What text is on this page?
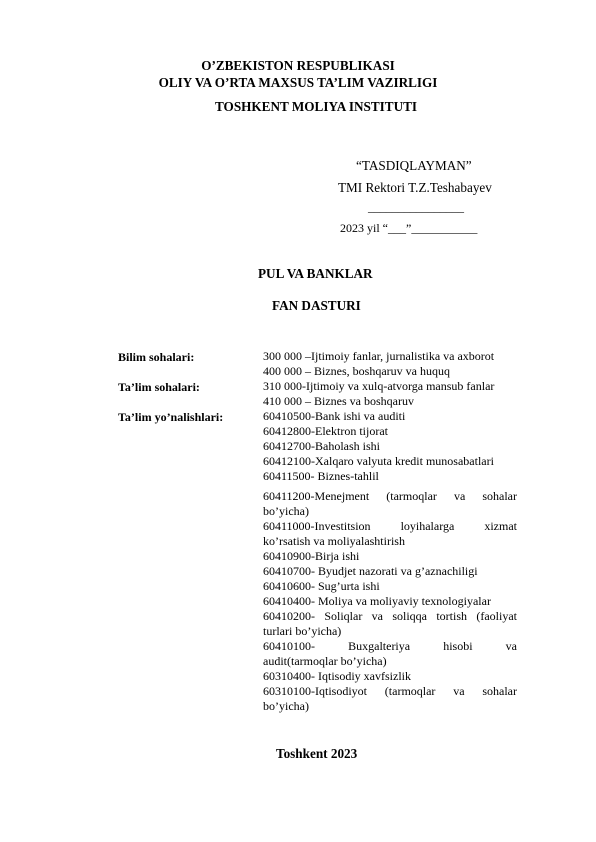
O’ZBEKISTON RESPUBLIKASI
OLIY VA O’RTA MAXSUS TA’LIM VAZIRLIGI
TOSHKENT MOLIYA INSTITUTI
“TASDIQLAYMAN”
TMI Rektori T.Z.Teshabayev
________________
2023 yil “___”___________
PUL VA BANKLAR
FAN DASTURI
Bilim sohalari:	300 000 –Ijtimoiy fanlar, jurnalistika va axborot
400 000 – Biznes, boshqaruv va huquq
Ta’lim sohalari:	310 000-Ijtimoiy va xulq-atvorga mansub fanlar
410 000 – Biznes va boshqaruv
Ta’lim yo’nalishlari:	60410500-Bank ishi va auditi
60412800-Elektron tijorat
60412700-Baholash ishi
60412100-Xalqaro valyuta kredit munosabatlari
60411500- Biznes-tahlil
60411200-Menejment (tarmoqlar va sohalar
bo’yicha)
60411000-Investitsion loyihalarga xizmat
ko’rsatish va moliyalashtirish
60410900-Birja ishi
60410700- Byudjet nazorati va g’aznachiligi
60410600- Sug’urta ishi
60410400- Moliya va moliyaviy texnologiyalar
60410200- Soliqlar va soliqqa tortish (faoliyat
turlari bo’yicha)
60410100- Buxgalteriya hisobi va
audit(tarmoqlar bo’yicha)
60310400- Iqtisodiy xavfsizlik
60310100-Iqtisodiyot (tarmoqlar va sohalar
bo’yicha)
Toshkent 2023
